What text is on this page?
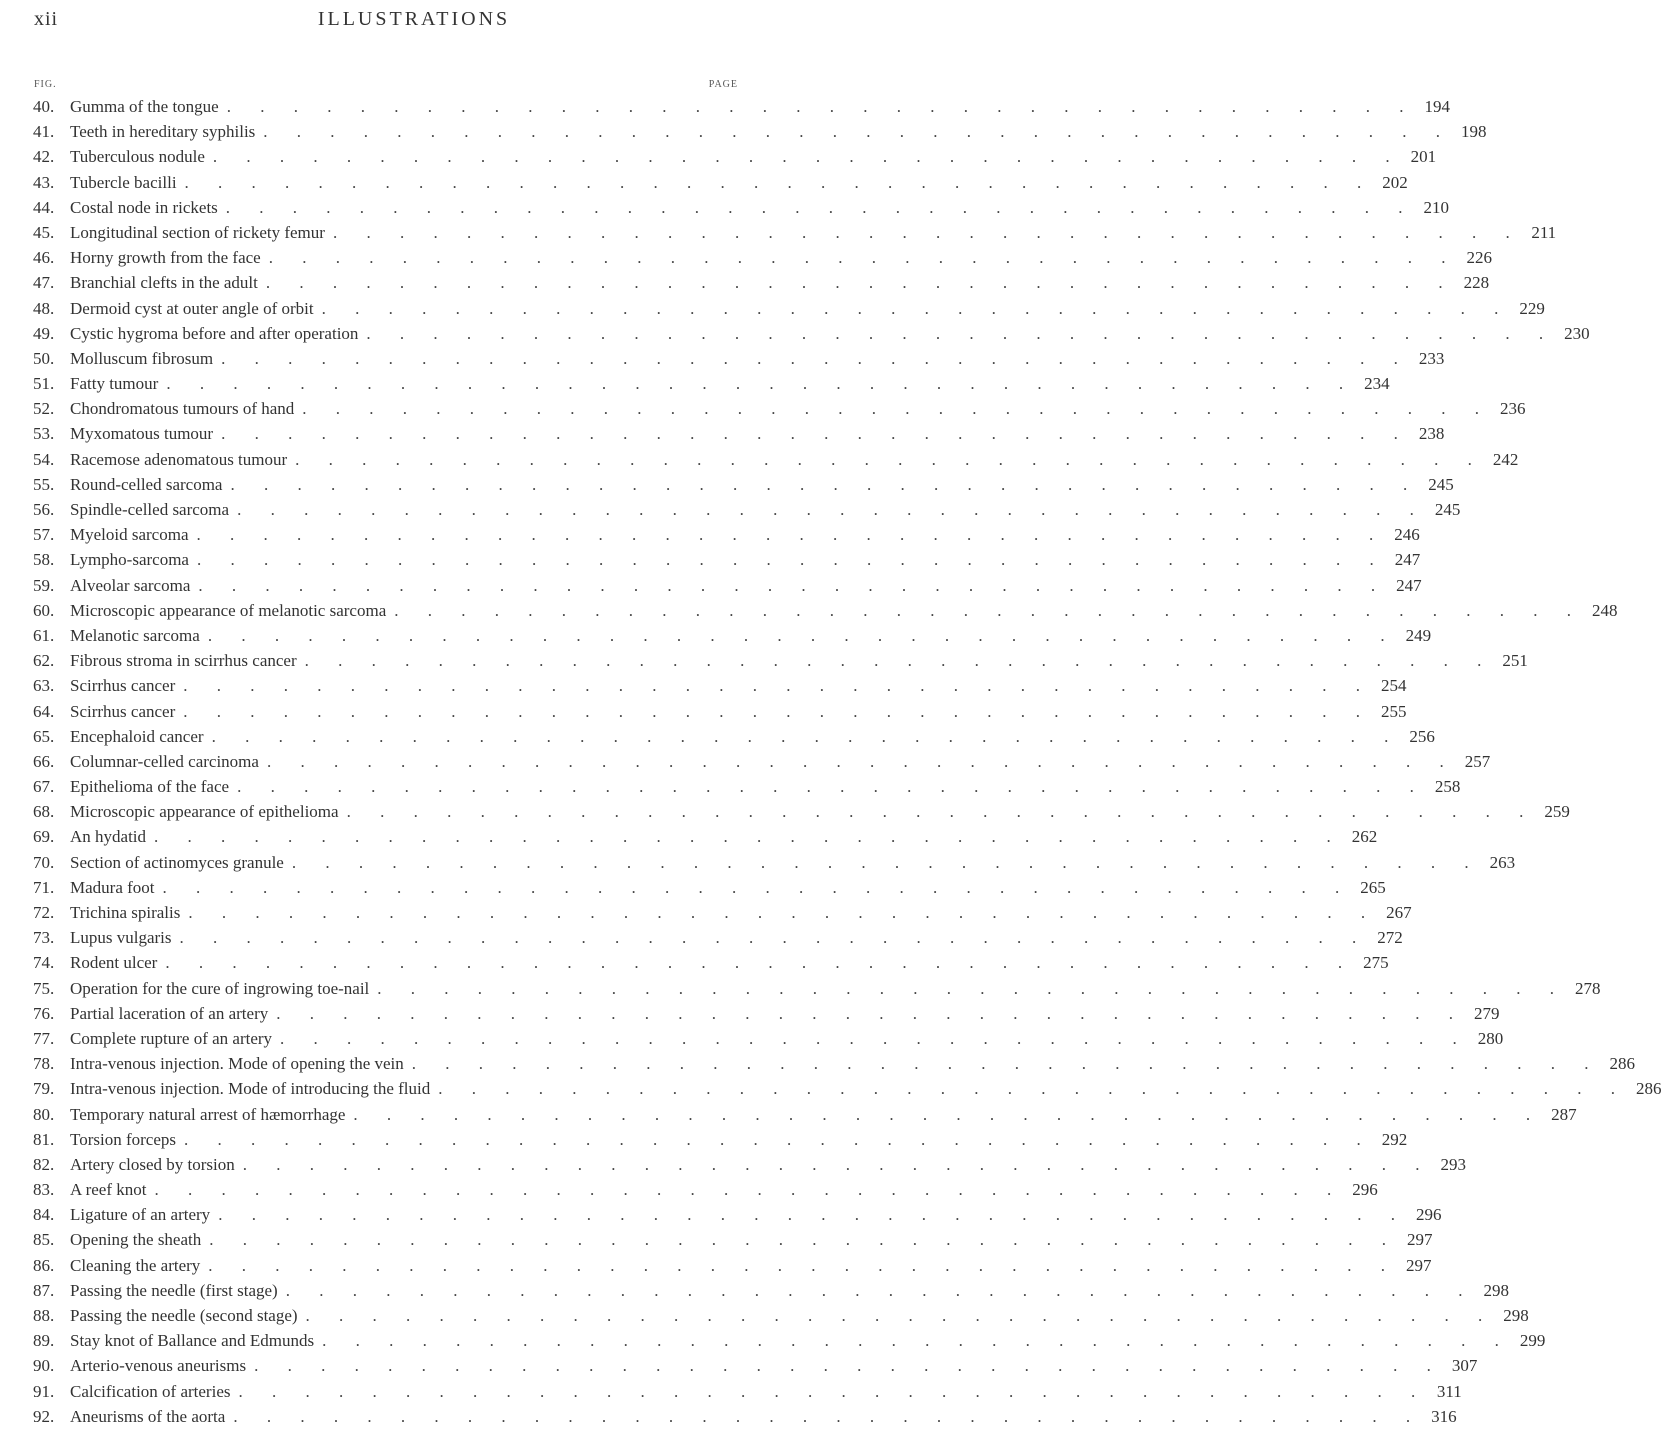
xii	ILLUSTRATIONS
FIG.	PAGE
40. Gumma of the tongue . . . . . . . . . . . . . . . . . . . . . . . . . . . . . . . . . . . . 194
41. Teeth in hereditary syphilis . . . . . . . . . . . . . . . . . . . . . . . . . . . . . . . . . . . . 198
42. Tuberculous nodule . . . . . . . . . . . . . . . . . . . . . . . . . . . . . . . . . . . . 201
43. Tubercle bacilli . . . . . . . . . . . . . . . . . . . . . . . . . . . . . . . . . . . . 202
44. Costal node in rickets . . . . . . . . . . . . . . . . . . . . . . . . . . . . . . . . . . . . 210
45. Longitudinal section of rickety femur . . . . . . . . . . . . . . . . . . . . . . . . . . . . . . . . . . . . 211
46. Horny growth from the face . . . . . . . . . . . . . . . . . . . . . . . . . . . . . . . . . . . . 226
47. Branchial clefts in the adult . . . . . . . . . . . . . . . . . . . . . . . . . . . . . . . . . . . . 228
48. Dermoid cyst at outer angle of orbit . . . . . . . . . . . . . . . . . . . . . . . . . . . . . . . . . . . . 229
49. Cystic hygroma before and after operation . . . . . . . . . . . . . . . . . . . . . . . . . . . . . . . . . . . . 230
50. Molluscum fibrosum . . . . . . . . . . . . . . . . . . . . . . . . . . . . . . . . . . . . 233
51. Fatty tumour . . . . . . . . . . . . . . . . . . . . . . . . . . . . . . . . . . . . 234
52. Chondromatous tumours of hand . . . . . . . . . . . . . . . . . . . . . . . . . . . . . . . . . . . . 236
53. Myxomatous tumour . . . . . . . . . . . . . . . . . . . . . . . . . . . . . . . . . . . . 238
54. Racemose adenomatous tumour . . . . . . . . . . . . . . . . . . . . . . . . . . . . . . . . . . . . 242
55. Round-celled sarcoma . . . . . . . . . . . . . . . . . . . . . . . . . . . . . . . . . . . . 245
56. Spindle-celled sarcoma . . . . . . . . . . . . . . . . . . . . . . . . . . . . . . . . . . . . 245
57. Myeloid sarcoma . . . . . . . . . . . . . . . . . . . . . . . . . . . . . . . . . . . . 246
58. Lympho-sarcoma . . . . . . . . . . . . . . . . . . . . . . . . . . . . . . . . . . . . 247
59. Alveolar sarcoma . . . . . . . . . . . . . . . . . . . . . . . . . . . . . . . . . . . . 247
60. Microscopic appearance of melanotic sarcoma . . . . . . . . . . . . . . . . . . . . . . . . . . . . . . . . . . . . 248
61. Melanotic sarcoma . . . . . . . . . . . . . . . . . . . . . . . . . . . . . . . . . . . . 249
62. Fibrous stroma in scirrhus cancer . . . . . . . . . . . . . . . . . . . . . . . . . . . . . . . . . . . . 251
63. Scirrhus cancer . . . . . . . . . . . . . . . . . . . . . . . . . . . . . . . . . . . . 254
64. Scirrhus cancer . . . . . . . . . . . . . . . . . . . . . . . . . . . . . . . . . . . . 255
65. Encephaloid cancer . . . . . . . . . . . . . . . . . . . . . . . . . . . . . . . . . . . . 256
66. Columnar-celled carcinoma . . . . . . . . . . . . . . . . . . . . . . . . . . . . . . . . . . . . 257
67. Epithelioma of the face . . . . . . . . . . . . . . . . . . . . . . . . . . . . . . . . . . . . 258
68. Microscopic appearance of epithelioma . . . . . . . . . . . . . . . . . . . . . . . . . . . . . . . . . . . . 259
69. An hydatid . . . . . . . . . . . . . . . . . . . . . . . . . . . . . . . . . . . . 262
70. Section of actinomyces granule . . . . . . . . . . . . . . . . . . . . . . . . . . . . . . . . . . . . 263
71. Madura foot . . . . . . . . . . . . . . . . . . . . . . . . . . . . . . . . . . . . 265
72. Trichina spiralis . . . . . . . . . . . . . . . . . . . . . . . . . . . . . . . . . . . . 267
73. Lupus vulgaris . . . . . . . . . . . . . . . . . . . . . . . . . . . . . . . . . . . . 272
74. Rodent ulcer . . . . . . . . . . . . . . . . . . . . . . . . . . . . . . . . . . . . 275
75. Operation for the cure of ingrowing toe-nail . . . . . . . . . . . . . . . . . . . . . . . . . . . . . . . . . . . . 278
76. Partial laceration of an artery . . . . . . . . . . . . . . . . . . . . . . . . . . . . . . . . . . . . 279
77. Complete rupture of an artery . . . . . . . . . . . . . . . . . . . . . . . . . . . . . . . . . . . . 280
78. Intra-venous injection. Mode of opening the vein . . . . . . . . . . . . . . . . . . . . . . . . . . . . . . . . . . . . 286
79. Intra-venous injection. Mode of introducing the fluid . . . . . . . . . . . . . . . . . . . . . . . . . . . . . . . . . . . . 286
80. Temporary natural arrest of hæmorrhage . . . . . . . . . . . . . . . . . . . . . . . . . . . . . . . . . . . . 287
81. Torsion forceps . . . . . . . . . . . . . . . . . . . . . . . . . . . . . . . . . . . . 292
82. Artery closed by torsion . . . . . . . . . . . . . . . . . . . . . . . . . . . . . . . . . . . . 293
83. A reef knot . . . . . . . . . . . . . . . . . . . . . . . . . . . . . . . . . . . . 296
84. Ligature of an artery . . . . . . . . . . . . . . . . . . . . . . . . . . . . . . . . . . . . 296
85. Opening the sheath . . . . . . . . . . . . . . . . . . . . . . . . . . . . . . . . . . . . 297
86. Cleaning the artery . . . . . . . . . . . . . . . . . . . . . . . . . . . . . . . . . . . . 297
87. Passing the needle (first stage) . . . . . . . . . . . . . . . . . . . . . . . . . . . . . . . . . . . . 298
88. Passing the needle (second stage) . . . . . . . . . . . . . . . . . . . . . . . . . . . . . . . . . . . . 298
89. Stay knot of Ballance and Edmunds . . . . . . . . . . . . . . . . . . . . . . . . . . . . . . . . . . . . 299
90. Arterio-venous aneurisms . . . . . . . . . . . . . . . . . . . . . . . . . . . . . . . . . . . . 307
91. Calcification of arteries . . . . . . . . . . . . . . . . . . . . . . . . . . . . . . . . . . . . 311
92. Aneurisms of the aorta . . . . . . . . . . . . . . . . . . . . . . . . . . . . . . . . . . . . 316
